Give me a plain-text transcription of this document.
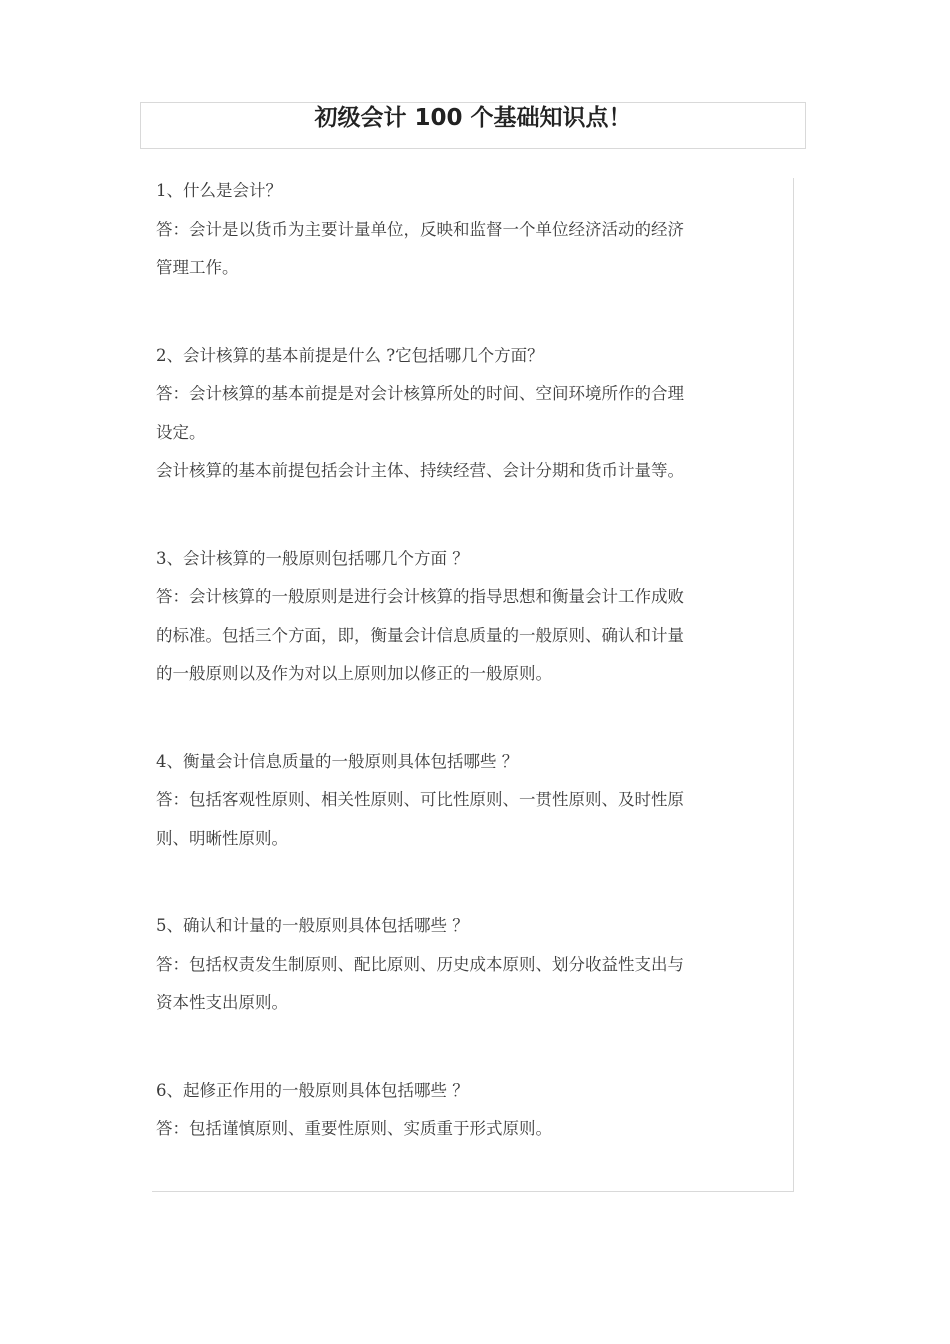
初级会计 100 个基础知识点！

1、什么是会计？

答：会计是以货币为主要计量单位，反映和监督一个单位经济活动的经济

管理工作。

2、会计核算的基本前提是什么 ?它包括哪几个方面？

答：会计核算的基本前提是对会计核算所处的时间、空间环境所作的合理

设定。

会计核算的基本前提包括会计主体、持续经营、会计分期和货币计量等。

3、会计核算的一般原则包括哪几个方面 ？

答：会计核算的一般原则是进行会计核算的指导思想和衡量会计工作成败

的标准。包括三个方面，即，衡量会计信息质量的一般原则、确认和计量

的一般原则以及作为对以上原则加以修正的一般原则。

4、衡量会计信息质量的一般原则具体包括哪些 ？

答：包括客观性原则、相关性原则、可比性原则、一贯性原则、及时性原

则、明晰性原则。

5、确认和计量的一般原则具体包括哪些 ？

答：包括权责发生制原则、配比原则、历史成本原则、划分收益性支出与

资本性支出原则。

6、起修正作用的一般原则具体包括哪些 ？

答：包括谨慎原则、重要性原则、实质重于形式原则。
